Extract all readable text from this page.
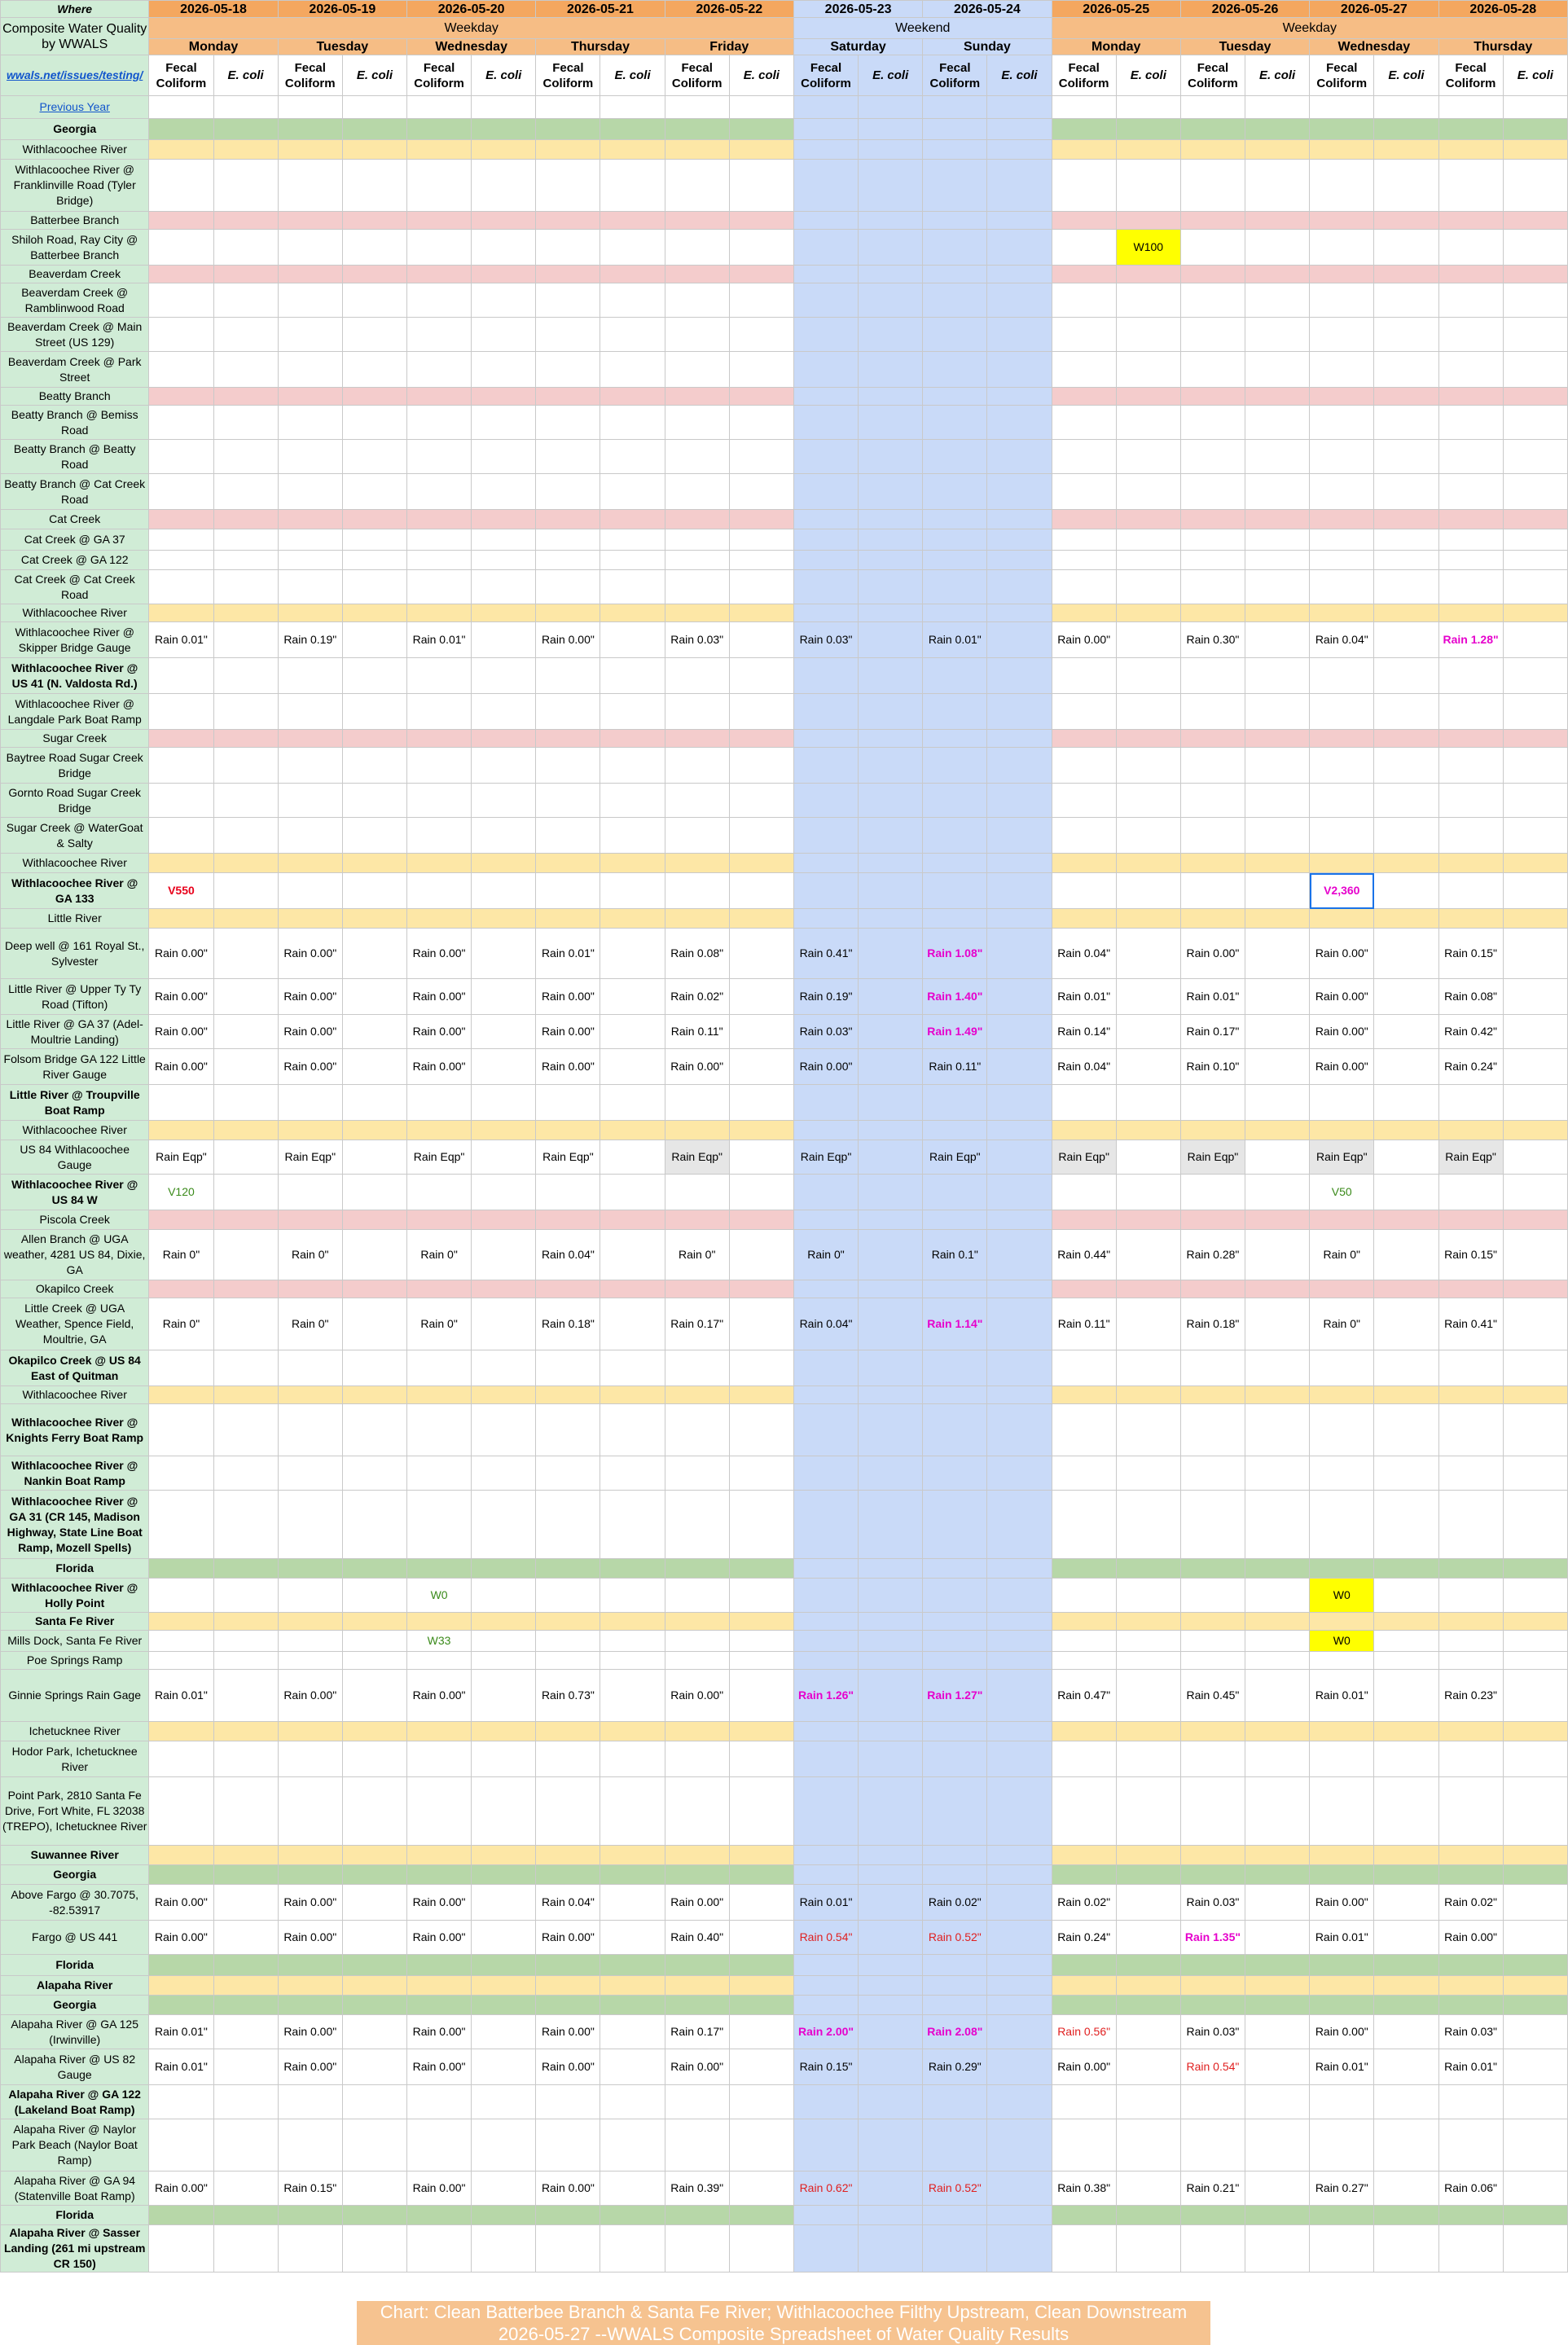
Where	2026-05-18		2026-05-19		2026-05-20		2026-05-21		2026-05-22		2026-05-23		2026-05-24		2026-05-25		2026-05-26		2026-05-27		2026-05-28	
Composite Water Quality by WWALS	Weekday										Weekend				Weekday							
	Monday		Tuesday		Wednesday		Thursday		Friday		Saturday		Sunday		Monday		Tuesday		Wednesday		Thursday	
wwals.net/issues/testing/	Fecal Coliform	E. coli	Fecal Coliform	E. coli	Fecal Coliform	E. coli	Fecal Coliform	E. coli	Fecal Coliform	E. coli	Fecal Coliform	E. coli	Fecal Coliform	E. coli	Fecal Coliform	E. coli	Fecal Coliform	E. coli	Fecal Coliform	E. coli	Fecal Coliform	E. coli
Previous Year																						
Georgia																						
Withlacoochee River																						
Withlacoochee River @ Franklinville Road (Tyler Bridge)																						
Batterbee Branch																						
Shiloh Road, Ray City @ Batterbee Branch																W100						
Beaverdam Creek																						
Beaverdam Creek @ Ramblinwood Road																						
Beaverdam Creek @ Main Street (US 129)																						
Beaverdam Creek @ Park Street																						
Beatty Branch																						
Beatty Branch @ Bemiss Road																						
Beatty Branch @ Beatty Road																						
Beatty Branch @ Cat Creek Road																						
Cat Creek																						
Cat Creek @ GA 37																						
Cat Creek @ GA 122																						
Cat Creek @ Cat Creek Road																						
Withlacoochee River																						
Withlacoochee River @ Skipper Bridge Gauge	Rain 0.01"		Rain 0.19"		Rain 0.01"		Rain 0.00"		Rain 0.03"		Rain 0.03"		Rain 0.01"		Rain 0.00"		Rain 0.30"		Rain 0.04"		Rain 1.28"	
Withlacoochee River @ US 41 (N. Valdosta Rd.)																						
Withlacoochee River @ Langdale Park Boat Ramp																						
Sugar Creek																						
Baytree Road Sugar Creek Bridge																						
Gornto Road Sugar Creek Bridge																						
Sugar Creek @ WaterGoat & Salty																						
Withlacoochee River																						
Withlacoochee River @ GA 133	V550																		V2,360			
Little River																						
Deep well @ 161 Royal St., Sylvester	Rain 0.00"		Rain 0.00"		Rain 0.00"		Rain 0.01"		Rain 0.08"		Rain 0.41"		Rain 1.08"		Rain 0.04"		Rain 0.00"		Rain 0.00"		Rain 0.15"	
Little River @ Upper Ty Ty Road (Tifton)	Rain 0.00"		Rain 0.00"		Rain 0.00"		Rain 0.00"		Rain 0.02"		Rain 0.19"		Rain 1.40"		Rain 0.01"		Rain 0.01"		Rain 0.00"		Rain 0.08"	
Little River @ GA 37 (Adel-Moultrie Landing)	Rain 0.00"		Rain 0.00"		Rain 0.00"		Rain 0.00"		Rain 0.11"		Rain 0.03"		Rain 1.49"		Rain 0.14"		Rain 0.17"		Rain 0.00"		Rain 0.42"	
Folsom Bridge GA 122 Little River Gauge	Rain 0.00"		Rain 0.00"		Rain 0.00"		Rain 0.00"		Rain 0.00"		Rain 0.00"		Rain 0.11"		Rain 0.04"		Rain 0.10"		Rain 0.00"		Rain 0.24"	
Little River @ Troupville Boat Ramp																						
Withlacoochee River																						
US 84 Withlacoochee Gauge	Rain Eqp"		Rain Eqp"		Rain Eqp"		Rain Eqp"		Rain Eqp"		Rain Eqp"		Rain Eqp"		Rain Eqp"		Rain Eqp"		Rain Eqp"		Rain Eqp"	
Withlacoochee River @ US 84 W	V120																		V50			
Piscola Creek																						
Allen Branch @ UGA weather, 4281 US 84, Dixie, GA	Rain 0"		Rain 0"		Rain 0"		Rain 0.04"		Rain 0"		Rain 0"		Rain 0.1"		Rain 0.44"		Rain 0.28"		Rain 0"		Rain 0.15"	
Okapilco Creek																						
Little Creek @ UGA Weather, Spence Field, Moultrie, GA	Rain 0"		Rain 0"		Rain 0"		Rain 0.18"		Rain 0.17"		Rain 0.04"		Rain 1.14"		Rain 0.11"		Rain 0.18"		Rain 0"		Rain 0.41"	
Okapilco Creek @ US 84 East of Quitman																						
Withlacoochee River																						
Withlacoochee River @ Knights Ferry Boat Ramp																						
Withlacoochee River @ Nankin Boat Ramp																						
Withlacoochee River @ GA 31 (CR 145, Madison Highway, State Line Boat Ramp, Mozell Spells)																						
Florida																						
Withlacoochee River @ Holly Point					W0														W0			
Santa Fe River																						
Mills Dock, Santa Fe River					W33														W0			
Poe Springs Ramp																						
Ginnie Springs Rain Gage	Rain 0.01"		Rain 0.00"		Rain 0.00"		Rain 0.73"		Rain 0.00"		Rain 1.26"		Rain 1.27"		Rain 0.47"		Rain 0.45"		Rain 0.01"		Rain 0.23"	
Ichetucknee River																						
Hodor Park, Ichetucknee River																						
Point Park, 2810 Santa Fe Drive, Fort White, FL 32038 (TREPO), Ichetucknee River																						
Suwannee River																						
Georgia																						
Above Fargo @ 30.7075, -82.53917	Rain 0.00"		Rain 0.00"		Rain 0.00"		Rain 0.04"		Rain 0.00"		Rain 0.01"		Rain 0.02"		Rain 0.02"		Rain 0.03"		Rain 0.00"		Rain 0.02"	
Fargo @ US 441	Rain 0.00"		Rain 0.00"		Rain 0.00"		Rain 0.00"		Rain 0.40"		Rain 0.54"		Rain 0.52"		Rain 0.24"		Rain 1.35"		Rain 0.01"		Rain 0.00"	
Florida																						
Alapaha River																						
Georgia																						
Alapaha River @ GA 125 (Irwinville)	Rain 0.01"		Rain 0.00"		Rain 0.00"		Rain 0.00"		Rain 0.17"		Rain 2.00"		Rain 2.08"		Rain 0.56"		Rain 0.03"		Rain 0.00"		Rain 0.03"	
Alapaha River @ US 82 Gauge	Rain 0.01"		Rain 0.00"		Rain 0.00"		Rain 0.00"		Rain 0.00"		Rain 0.15"		Rain 0.29"		Rain 0.00"		Rain 0.54"		Rain 0.01"		Rain 0.01"	
Alapaha River @ GA 122 (Lakeland Boat Ramp)																						
Alapaha River @ Naylor Park Beach (Naylor Boat Ramp)																						
Alapaha River @ GA 94 (Statenville Boat Ramp)	Rain 0.00"		Rain 0.15"		Rain 0.00"		Rain 0.00"		Rain 0.39"		Rain 0.62"		Rain 0.52"		Rain 0.38"		Rain 0.21"		Rain 0.27"		Rain 0.06"	
Florida																						
Alapaha River @ Sasser Landing (261 mi upstream CR 150)																						
Chart: Clean Batterbee Branch & Santa Fe River; Withlacoochee Filthy Upstream, Clean Downstream
2026-05-27 --WWALS Composite Spreadsheet of Water Quality Results
